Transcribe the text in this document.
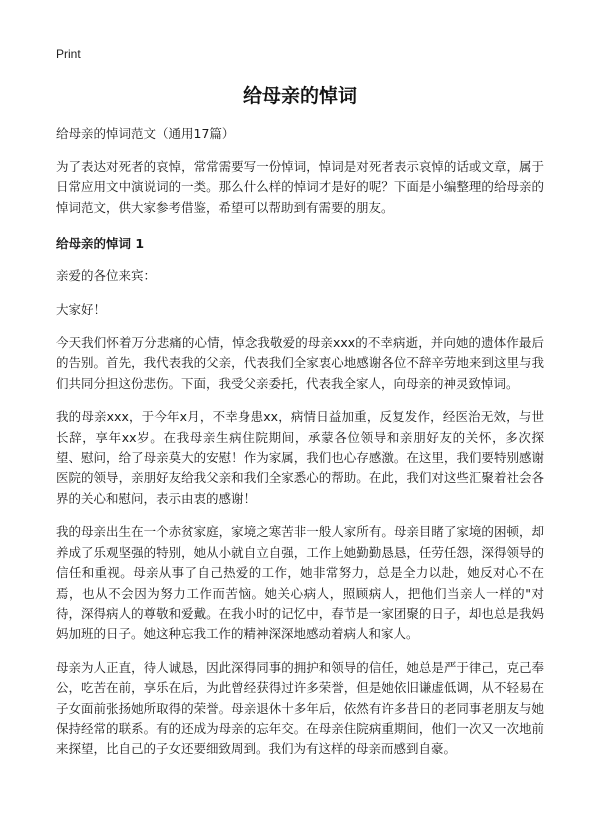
Print
给母亲的悼词
给母亲的悼词范文（通用17篇）

为了表达对死者的哀悼，常常需要写一份悼词，悼词是对死者表示哀悼的话或文章，属于日常应用文中演说词的一类。那么什么样的悼词才是好的呢？下面是小编整理的给母亲的悼词范文，供大家参考借鉴，希望可以帮助到有需要的朋友。

给母亲的悼词 1

亲爱的各位来宾：

大家好！

今天我们怀着万分悲痛的心情，悼念我敬爱的母亲xxx的不幸病逝，并向她的遗体作最后的告别。首先，我代表我的父亲，代表我们全家衷心地感谢各位不辞辛劳地来到这里与我们共同分担这份悲伤。下面，我受父亲委托，代表我全家人，向母亲的神灵致悼词。

我的母亲xxx，于今年x月，不幸身患xx，病情日益加重，反复发作，经医治无效，与世长辞，享年xx岁。在我母亲生病住院期间，承蒙各位领导和亲朋好友的关怀，多次探望、慰问，给了母亲莫大的安慰！作为家属，我们也心存感激。在这里，我们要特别感谢医院的领导，亲朋好友给我父亲和我们全家悉心的帮助。在此，我们对这些汇聚着社会各界的关心和慰问，表示由衷的感谢！

我的母亲出生在一个赤贫家庭，家境之寒苦非一般人家所有。母亲目睹了家境的困顿，却养成了乐观坚强的特别，她从小就自立自强，工作上她勤勤恳恳，任劳任怨，深得领导的信任和重视。母亲从事了自己热爱的工作，她非常努力，总是全力以赴，她反对心不在焉，也从不会因为努力工作而苦恼。她关心病人，照顾病人，把他们当亲人一样的"对待，深得病人的尊敬和爱戴。在我小时的记忆中，春节是一家团聚的日子，却也总是我妈妈加班的日子。她这种忘我工作的精神深深地感动着病人和家人。

母亲为人正直，待人诚恳，因此深得同事的拥护和领导的信任，她总是严于律己，克己奉公，吃苦在前，享乐在后，为此曾经获得过许多荣誉，但是她依旧谦虚低调，从不轻易在子女面前张扬她所取得的荣誉。母亲退休十多年后，依然有许多昔日的老同事老朋友与她保持经常的联系。有的还成为母亲的忘年交。在母亲住院病重期间，他们一次又一次地前来探望，比自己的子女还要细致周到。我们为有这样的母亲而感到自豪。
